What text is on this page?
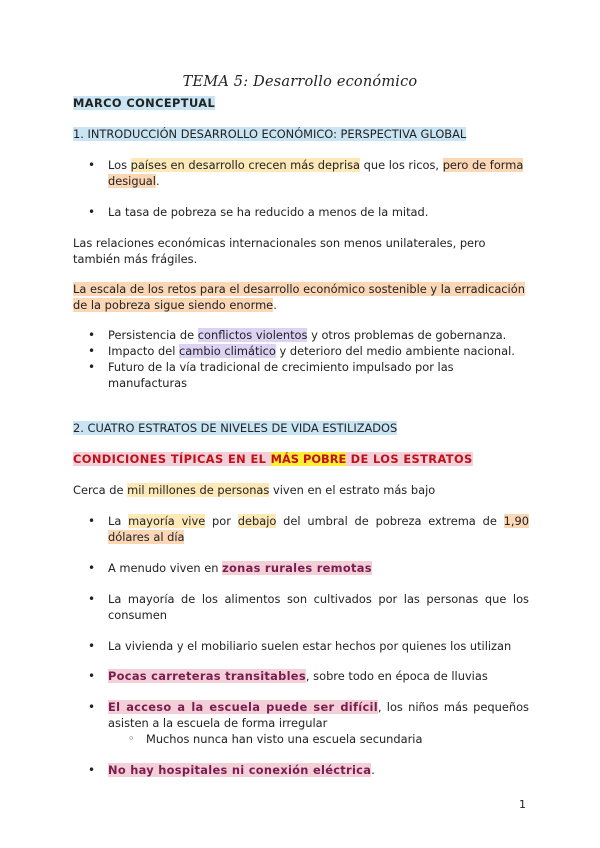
TEMA 5: Desarrollo económico
MARCO CONCEPTUAL
1. INTRODUCCIÓN DESARROLLO ECONÓMICO: PERSPECTIVA GLOBAL
• Los países en desarrollo crecen más deprisa que los ricos, pero de forma desigual.
• La tasa de pobreza se ha reducido a menos de la mitad.
Las relaciones económicas internacionales son menos unilaterales, pero también más frágiles.
La escala de los retos para el desarrollo económico sostenible y la erradicación de la pobreza sigue siendo enorme.
• Persistencia de conflictos violentos y otros problemas de gobernanza.
• Impacto del cambio climático y deterioro del medio ambiente nacional.
• Futuro de la vía tradicional de crecimiento impulsado por las manufacturas
2. CUATRO ESTRATOS DE NIVELES DE VIDA ESTILIZADOS
CONDICIONES TÍPICAS EN EL MÁS POBRE DE LOS ESTRATOS
Cerca de mil millones de personas viven en el estrato más bajo
• La mayoría vive por debajo del umbral de pobreza extrema de 1,90 dólares al día
• A menudo viven en zonas rurales remotas
• La mayoría de los alimentos son cultivados por las personas que los consumen
• La vivienda y el mobiliario suelen estar hechos por quienes los utilizan
• Pocas carreteras transitables, sobre todo en época de lluvias
• El acceso a la escuela puede ser difícil, los niños más pequeños asisten a la escuela de forma irregular
◦ Muchos nunca han visto una escuela secundaria
• No hay hospitales ni conexión eléctrica.
1
